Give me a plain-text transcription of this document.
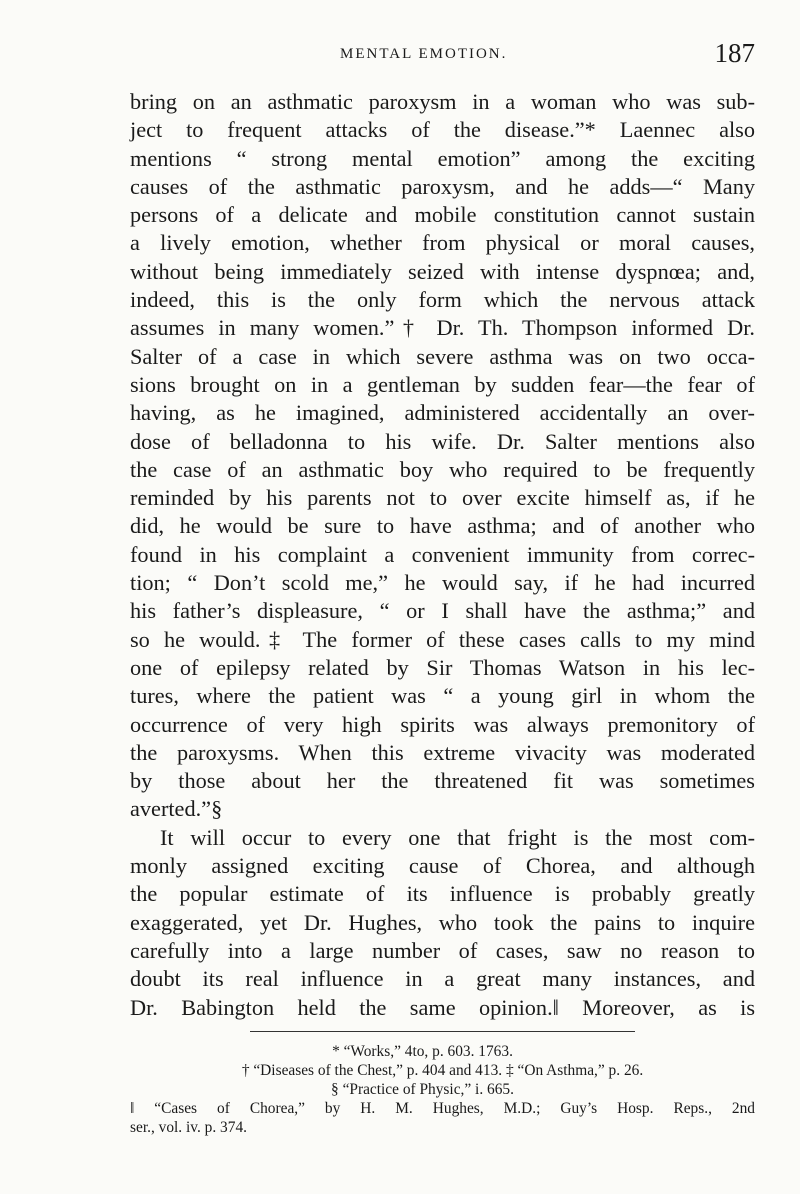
MENTAL EMOTION.	187
bring on an asthmatic paroxysm in a woman who was sub-
ject to frequent attacks of the disease.”* Laennec also
mentions “ strong mental emotion” among the exciting
causes of the asthmatic paroxysm, and he adds—“ Many
persons of a delicate and mobile constitution cannot sustain
a lively emotion, whether from physical or moral causes,
without being immediately seized with intense dyspnœa; and,
indeed, this is the only form which the nervous attack
assumes in many women.”† Dr. Th. Thompson informed Dr.
Salter of a case in which severe asthma was on two occa-
sions brought on in a gentleman by sudden fear—the fear of
having, as he imagined, administered accidentally an over-
dose of belladonna to his wife. Dr. Salter mentions also
the case of an asthmatic boy who required to be frequently
reminded by his parents not to over excite himself as, if he
did, he would be sure to have asthma; and of another who
found in his complaint a convenient immunity from correc-
tion; “ Don’t scold me,” he would say, if he had incurred
his father’s displeasure, “ or I shall have the asthma;” and
so he would.‡ The former of these cases calls to my mind
one of epilepsy related by Sir Thomas Watson in his lec-
tures, where the patient was “ a young girl in whom the
occurrence of very high spirits was always premonitory of
the paroxysms. When this extreme vivacity was moderated
by those about her the threatened fit was sometimes
averted.”§
It will occur to every one that fright is the most com-
monly assigned exciting cause of Chorea, and although
the popular estimate of its influence is probably greatly
exaggerated, yet Dr. Hughes, who took the pains to inquire
carefully into a large number of cases, saw no reason to
doubt its real influence in a great many instances, and
Dr. Babington held the same opinion.‖ Moreover, as is
* “Works,” 4to, p. 603. 1763.
† “Diseases of the Chest,” p. 404 and 413. ‡ “On Asthma,” p. 26.
§ “Practice of Physic,” i. 665.
‖ “Cases of Chorea,” by H. M. Hughes, M.D.; Guy’s Hosp. Reps., 2nd
ser., vol. iv. p. 374.
